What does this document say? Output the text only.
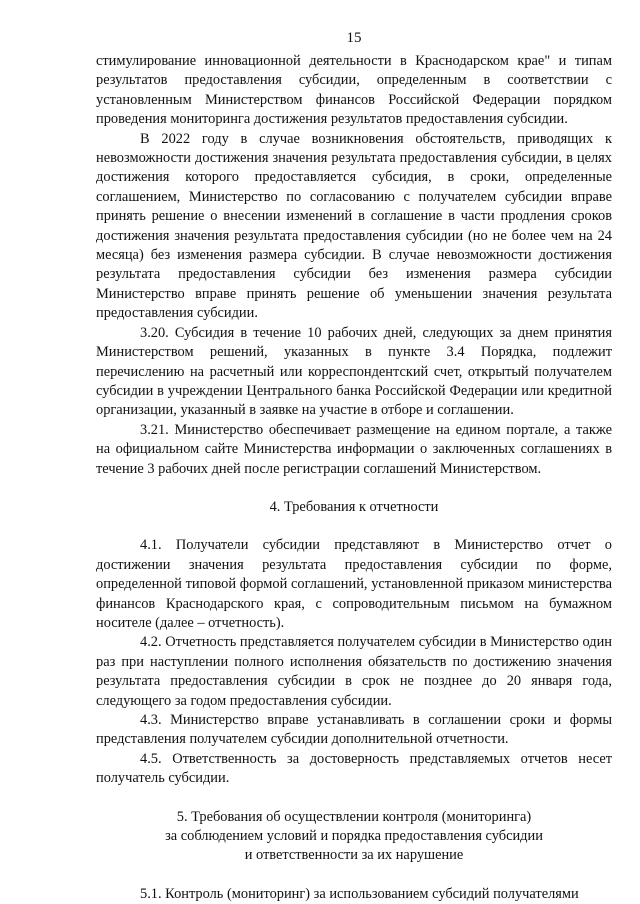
15

стимулирование инновационной деятельности в Краснодарском крае" и типам результатов предоставления субсидии, определенным в соответствии с установленным Министерством финансов Российской Федерации порядком проведения мониторинга достижения результатов предоставления субсидии.

В 2022 году в случае возникновения обстоятельств, приводящих к невозможности достижения значения результата предоставления субсидии, в целях достижения которого предоставляется субсидия, в сроки, определенные соглашением, Министерство по согласованию с получателем субсидии вправе принять решение о внесении изменений в соглашение в части продления сроков достижения значения результата предоставления субсидии (но не более чем на 24 месяца) без изменения размера субсидии. В случае невозможности достижения результата предоставления субсидии без изменения размера субсидии Министерство вправе принять решение об уменьшении значения результата предоставления субсидии.

3.20. Субсидия в течение 10 рабочих дней, следующих за днем принятия Министерством решений, указанных в пункте 3.4 Порядка, подлежит перечислению на расчетный или корреспондентский счет, открытый получателем субсидии в учреждении Центрального банка Российской Федерации или кредитной организации, указанный в заявке на участие в отборе и соглашении.

3.21. Министерство обеспечивает размещение на едином портале, а также на официальном сайте Министерства информации о заключенных соглашениях в течение 3 рабочих дней после регистрации соглашений Министерством.

4. Требования к отчетности

4.1. Получатели субсидии представляют в Министерство отчет о достижении значения результата предоставления субсидии по форме, определенной типовой формой соглашений, установленной приказом министерства финансов Краснодарского края, с сопроводительным письмом на бумажном носителе (далее – отчетность).

4.2. Отчетность представляется получателем субсидии в Министерство один раз при наступлении полного исполнения обязательств по достижению значения результата предоставления субсидии в срок не позднее до 20 января года, следующего за годом предоставления субсидии.

4.3. Министерство вправе устанавливать в соглашении сроки и формы представления получателем субсидии дополнительной отчетности.

4.5. Ответственность за достоверность представляемых отчетов несет получатель субсидии.

5. Требования об осуществлении контроля (мониторинга)

за соблюдением условий и порядка предоставления субсидии

и ответственности за их нарушение

5.1. Контроль (мониторинг) за использованием субсидий получателями
